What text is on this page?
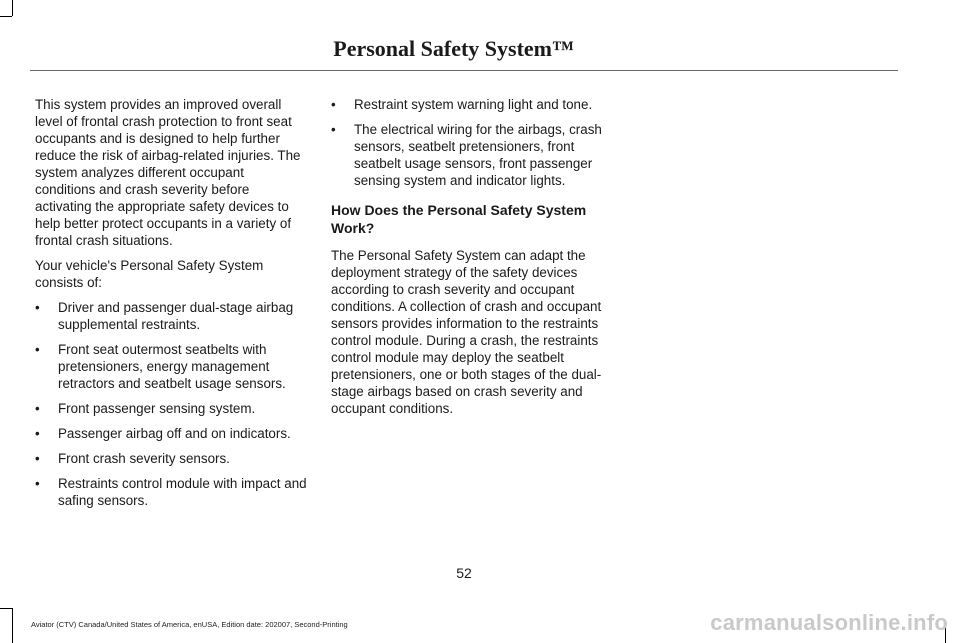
Personal Safety System™

This system provides an improved overall level of frontal crash protection to front seat occupants and is designed to help further reduce the risk of airbag-related injuries. The system analyzes different occupant conditions and crash severity before activating the appropriate safety devices to help better protect occupants in a variety of frontal crash situations.

Your vehicle's Personal Safety System consists of:

• Driver and passenger dual-stage airbag supplemental restraints.
• Front seat outermost seatbelts with pretensioners, energy management retractors and seatbelt usage sensors.
• Front passenger sensing system.
• Passenger airbag off and on indicators.
• Front crash severity sensors.
• Restraints control module with impact and safing sensors.
• Restraint system warning light and tone.
• The electrical wiring for the airbags, crash sensors, seatbelt pretensioners, front seatbelt usage sensors, front passenger sensing system and indicator lights.
How Does the Personal Safety System Work?

The Personal Safety System can adapt the deployment strategy of the safety devices according to crash severity and occupant conditions. A collection of crash and occupant sensors provides information to the restraints control module. During a crash, the restraints control module may deploy the seatbelt pretensioners, one or both stages of the dual-stage airbags based on crash severity and occupant conditions.

52
Aviator (CTV) Canada/United States of America, enUSA, Edition date: 202007, Second-Printing	carmanualsonline.info
